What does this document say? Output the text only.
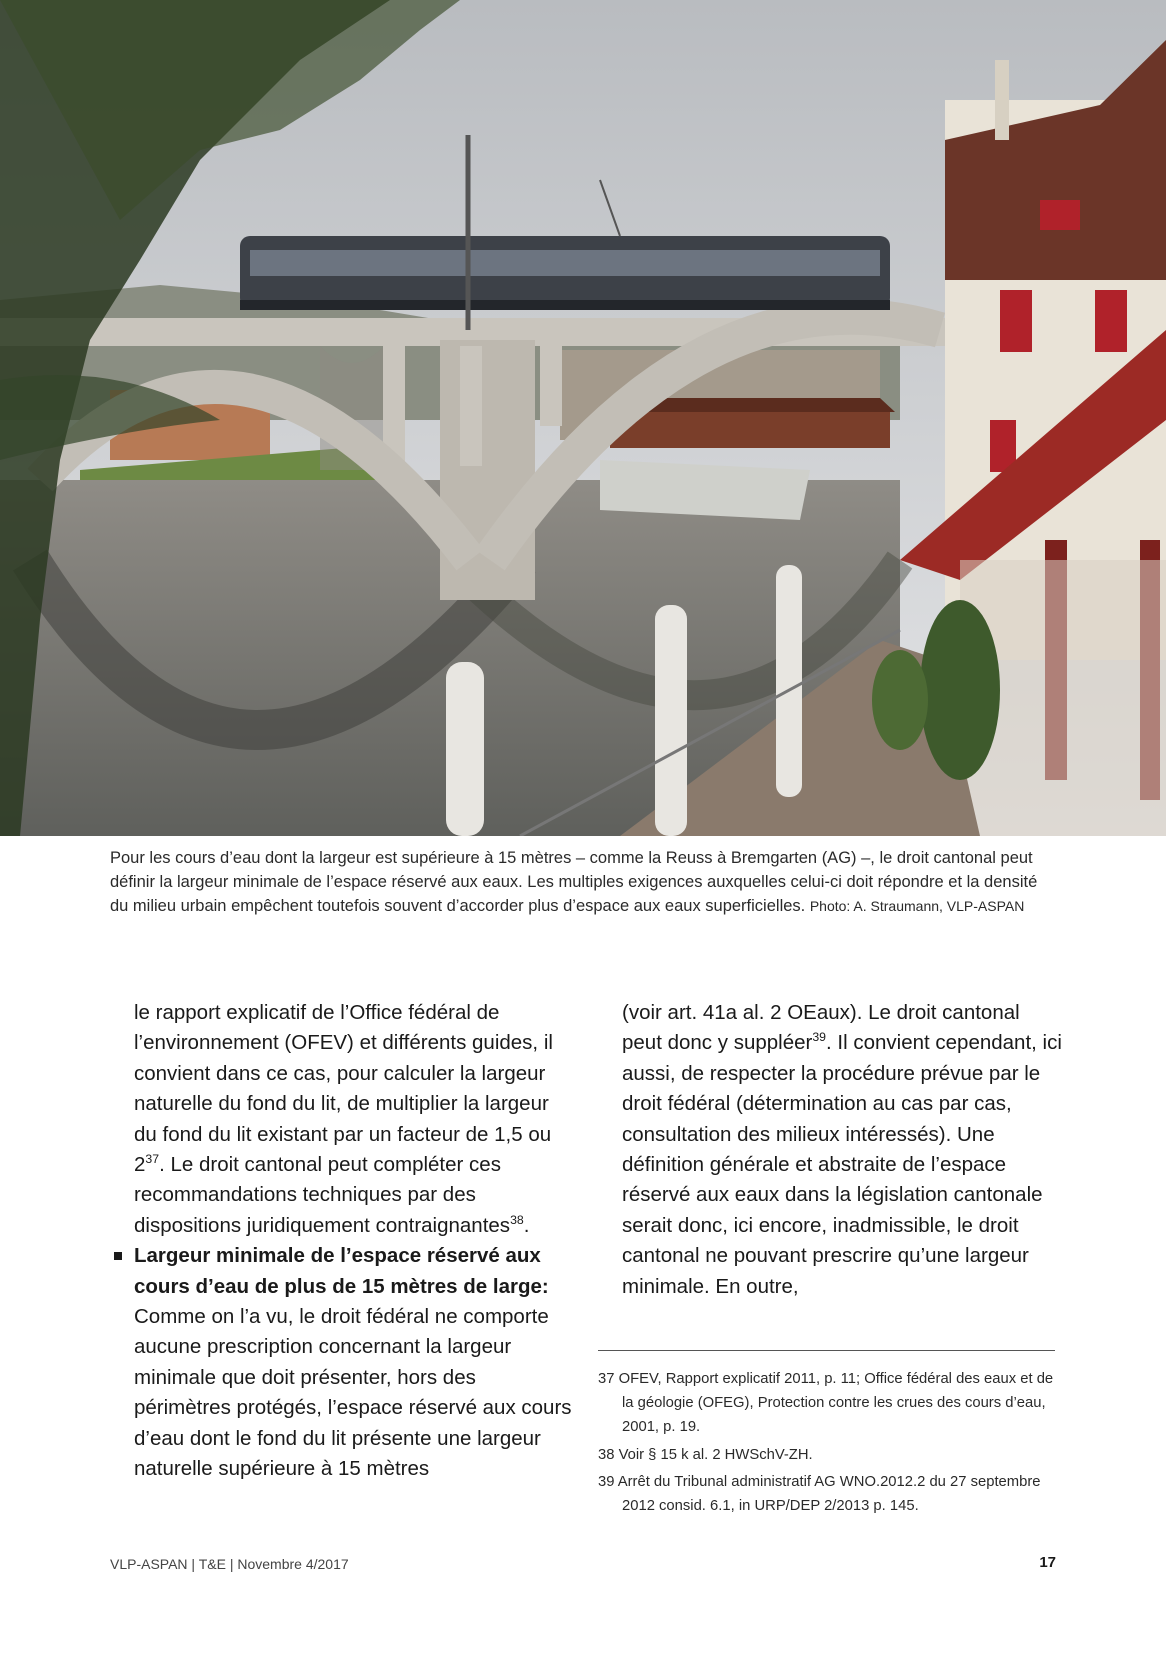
Pour les cours d’eau dont la largeur est supérieure à 15 mètres – comme la Reuss à Bremgarten (AG) –, le droit cantonal peut définir la largeur minimale de l’espace réservé aux eaux. Les multiples exigences auxquelles celui-ci doit répondre et la densité du milieu urbain empêchent toutefois souvent d’accorder plus d’espace aux eaux superficielles. Photo: A. Straumann, VLP-ASPAN

le rapport explicatif de l’Office fédéral de l’environnement (OFEV) et différents guides, il convient dans ce cas, pour calculer la largeur naturelle du fond du lit, de multiplier la largeur du fond du lit existant par un facteur de 1,5 ou $2^{37}$. Le droit cantonal peut compléter ces recommandations techniques par des dispositions juridiquement contraignantes$^{38}$.

Largeur minimale de l’espace réservé aux cours d’eau de plus de 15 mètres de large: Comme on l’a vu, le droit fédéral ne comporte aucune prescription concernant la largeur minimale que doit présenter, hors des périmètres protégés, l’espace réservé aux cours d’eau dont le fond du lit présente une largeur naturelle supérieure à 15 mètres

(voir art. 41a al. 2 OEaux). Le droit cantonal peut donc y suppléer$^{39}$. Il convient cependant, ici aussi, de respecter la procédure prévue par le droit fédéral (détermination au cas par cas, consultation des milieux intéressés). Une définition générale et abstraite de l’espace réservé aux eaux dans la législation cantonale serait donc, ici encore, inadmissible, le droit cantonal ne pouvant prescrire qu’une largeur minimale. En outre,

37 OFEV, Rapport explicatif 2011, p. 11; Office fédéral des eaux et de la géologie (OFEG), Protection contre les crues des cours d’eau, 2001, p. 19.

38 Voir § 15 k al. 2 HWSchV-ZH.

39 Arrêt du Tribunal administratif AG WNO.2012.2 du 27 septembre 2012 consid. 6.1, in URP/DEP 2/2013 p. 145.

VLP-ASPAN | T&E | Novembre 4/2017	17
